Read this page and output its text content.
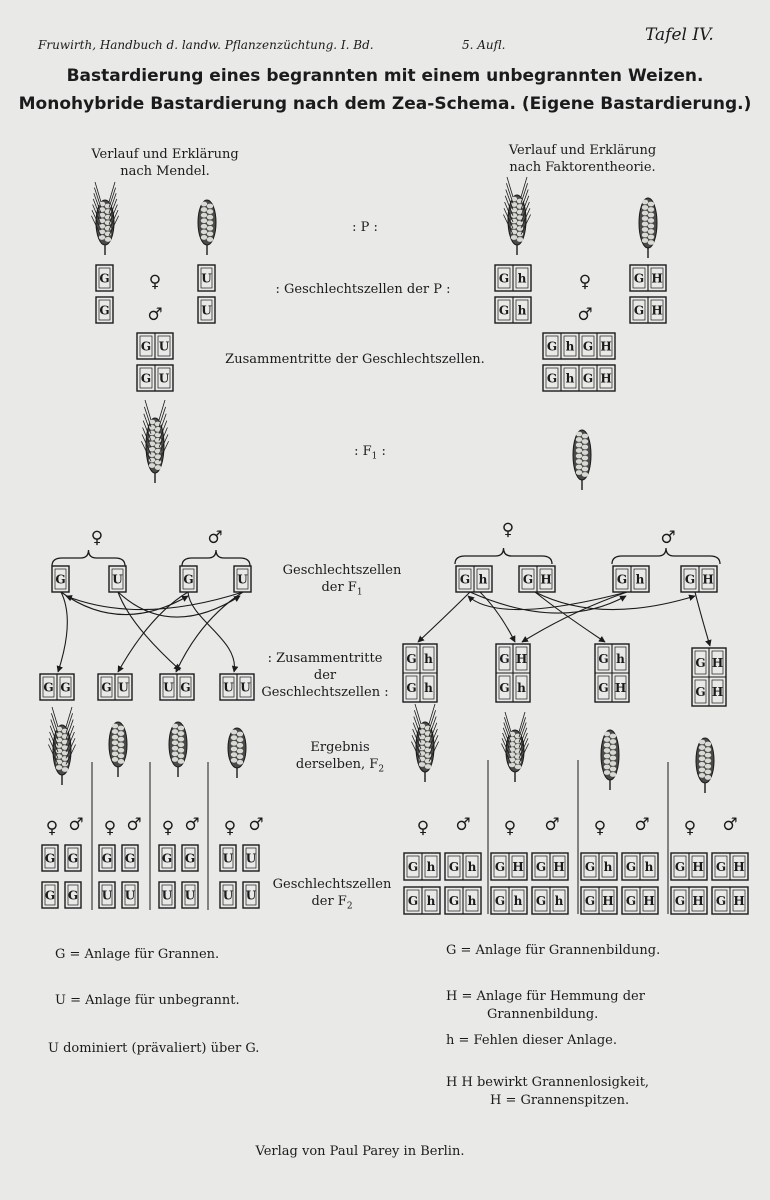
Fruwirth, Handbuch d. landw. Pflanzenzüchtung. I. Bd.	5. Aufl.	Tafel IV.
Bastardierung eines begrannten mit einem unbegrannten Weizen.
Monohybride Bastardierung nach dem Zea-Schema. (Eigene Bastardierung.)
Verlauf und Erklärung
nach Mendel.
Verlauf und Erklärung
nach Faktorentheorie.
: P :
: Geschlechtszellen der P :
Zusammentritte der Geschlechtszellen.
: $F_1$ :
Geschlechtszellen
der $F_1$
: Zusammentritte
der
Geschlechtszellen :
Ergebnis
derselben, $F_2$
Geschlechtszellen
der $F_2$
G
G
U
U
G h
G h
G H
G H
G U
G U
G h G H
G h G H
G	U	G	U	G h	G H	G h	G H
G G	G U	U G	U U
G h
G h
G H
G h
G h
G H
G H
G H
G G
G G
G G
U U
G G
U U
U U
U U
G h G h
G h G h
G H G H
G h G h
G h G h
G H G H
G H G H
G H G H
♀
♂
♀
♂
♀	♂	♀	♂
♀ ♂ ♀ ♂ ♀ ♂ ♀ ♂	♀ ♂ ♀ ♂ ♀ ♂ ♀ ♂
G = Anlage für Grannen.
U = Anlage für unbegrannt.
U dominiert (prävaliert) über G.
G = Anlage für Grannenbildung.
H = Anlage für Hemmung der
Grannenbildung.
h = Fehlen dieser Anlage.
H H bewirkt Grannenlosigkeit,
H = Grannenspitzen.
Verlag von Paul Parey in Berlin.
